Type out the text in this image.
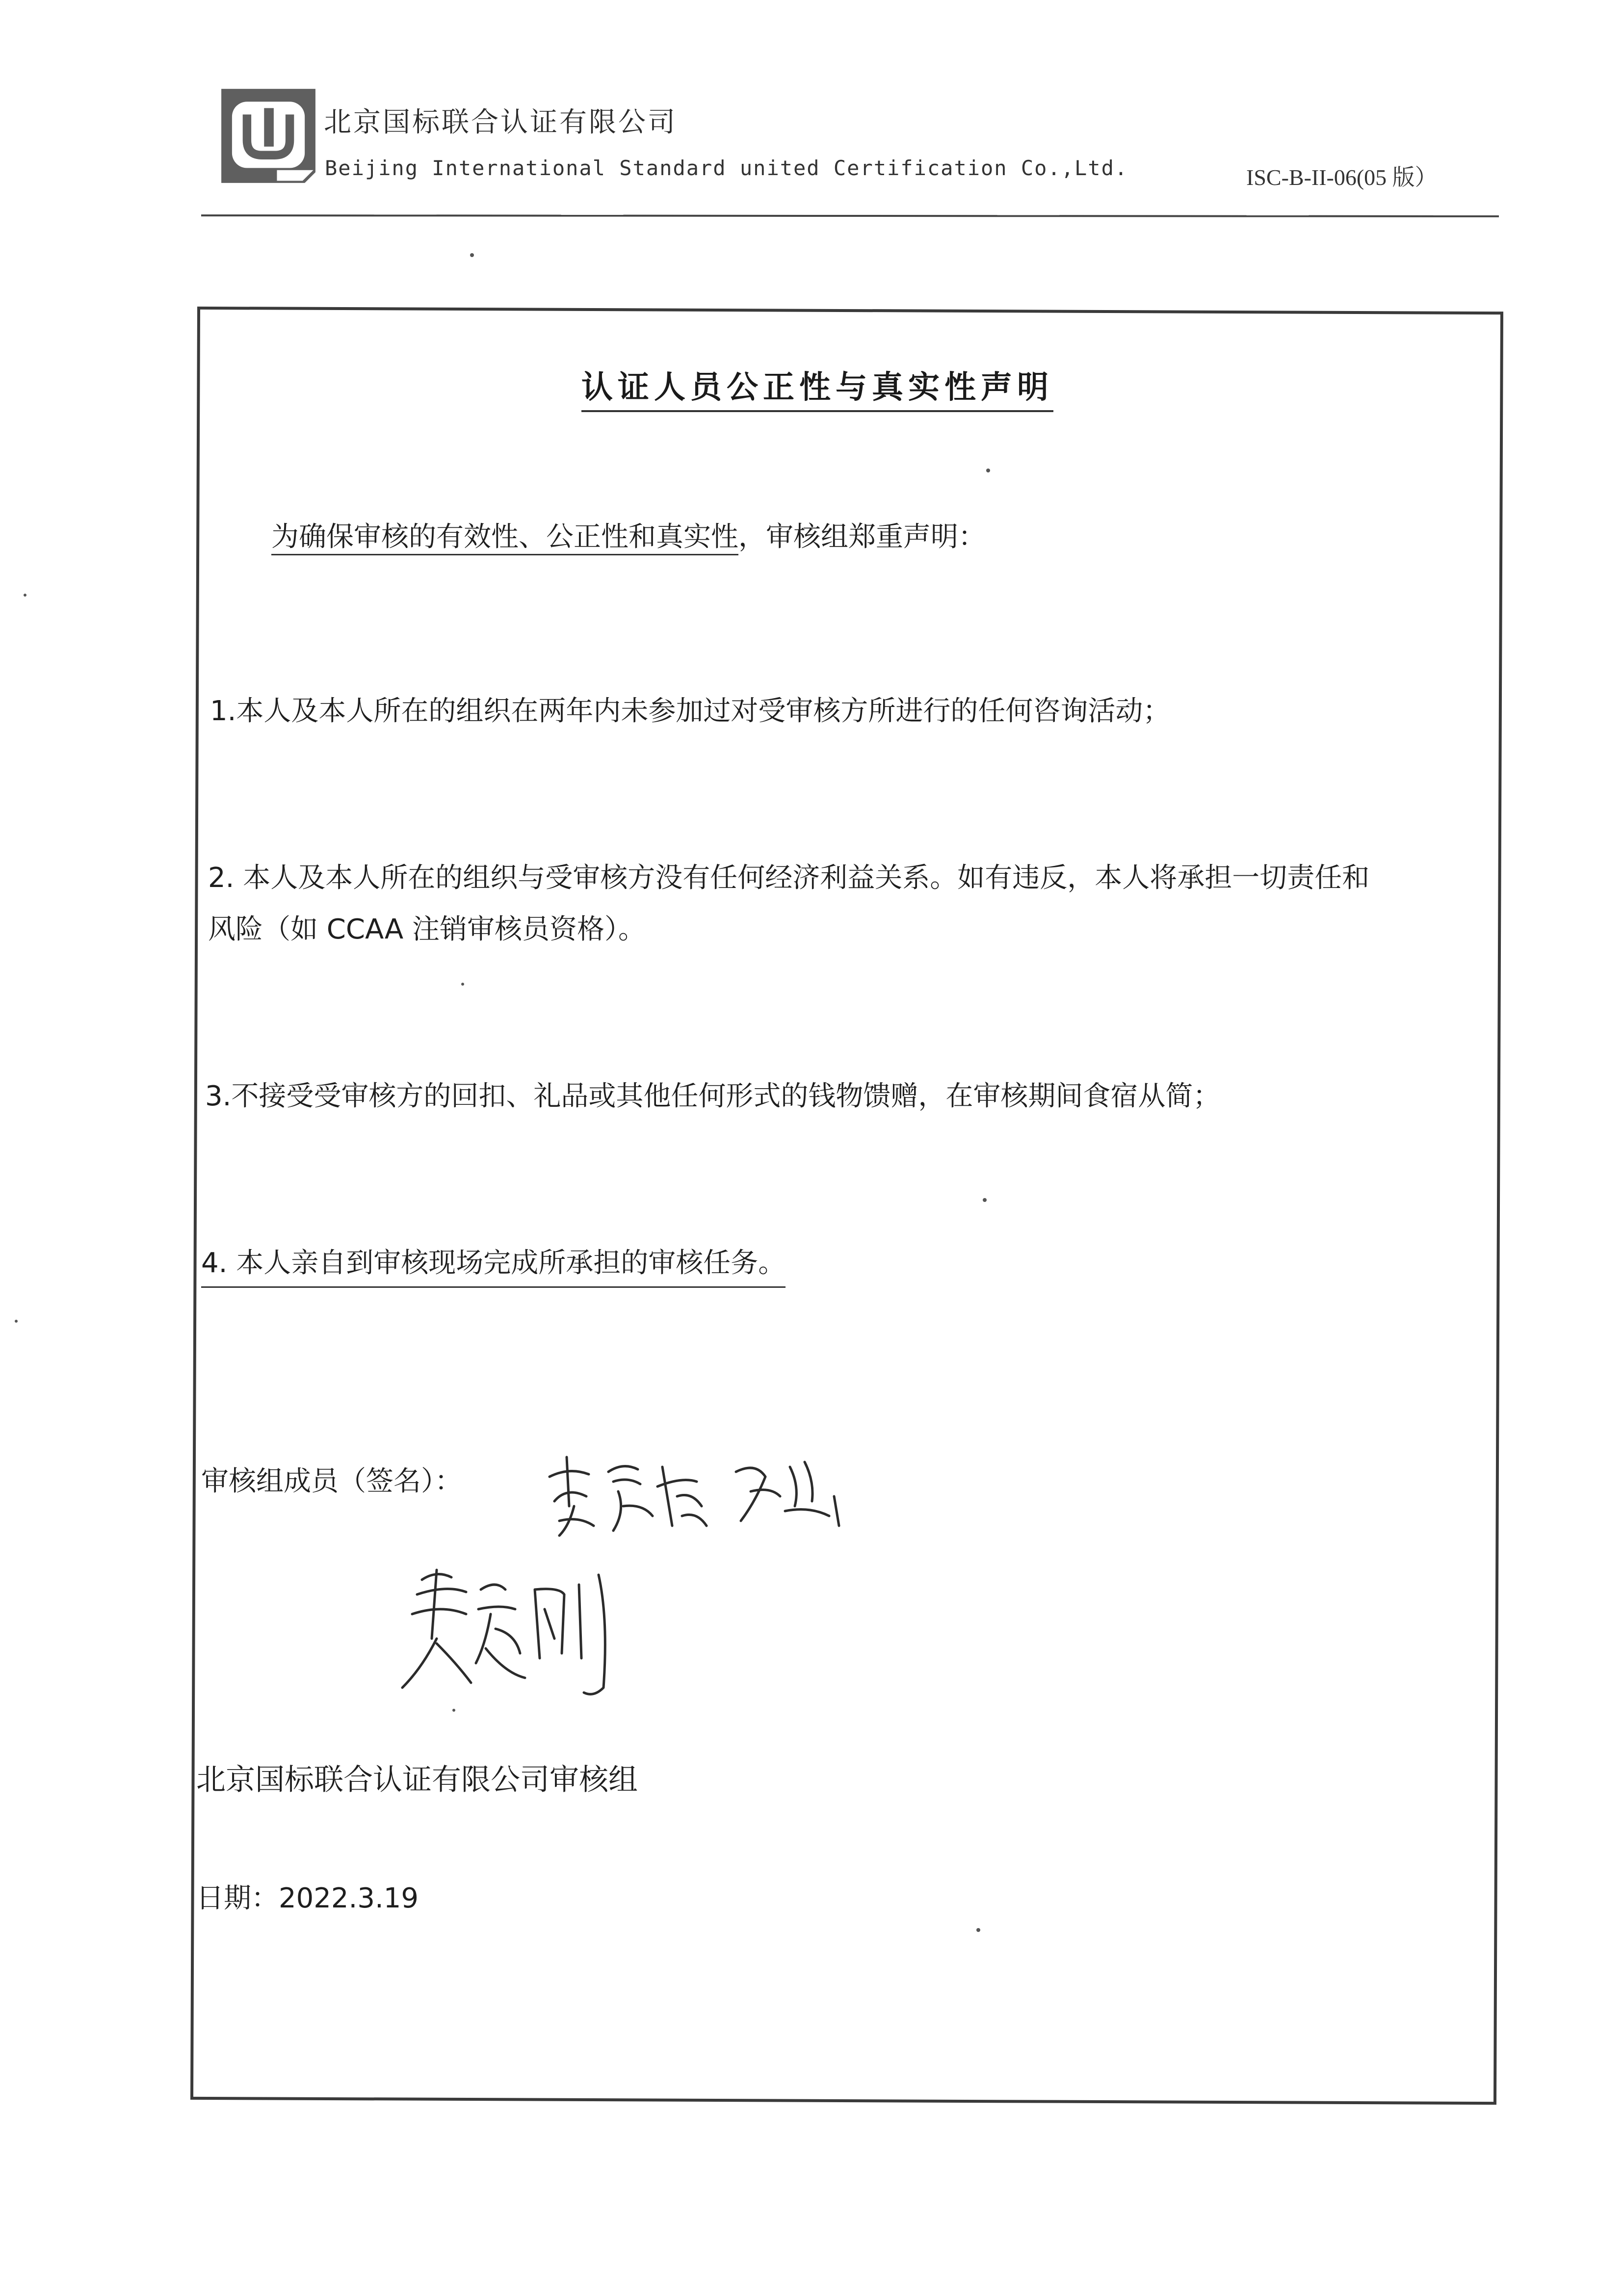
北京国标联合认证有限公司
Beijing International Standard united Certification Co.,Ltd.	ISC-B-II-06(05 版）
认证人员公正性与真实性声明
为确保审核的有效性、公正性和真实性，审核组郑重声明：
1.本人及本人所在的组织在两年内未参加过对受审核方所进行的任何咨询活动；
2. 本人及本人所在的组织与受审核方没有任何经济利益关系。如有违反，本人将承担一切责任和
风险（如 CCAA 注销审核员资格）。
3.不接受受审核方的回扣、礼品或其他任何形式的钱物馈赠，在审核期间食宿从简；
4. 本人亲自到审核现场完成所承担的审核任务。
审核组成员（签名）：
北京国标联合认证有限公司审核组
日期：2022.3.19
